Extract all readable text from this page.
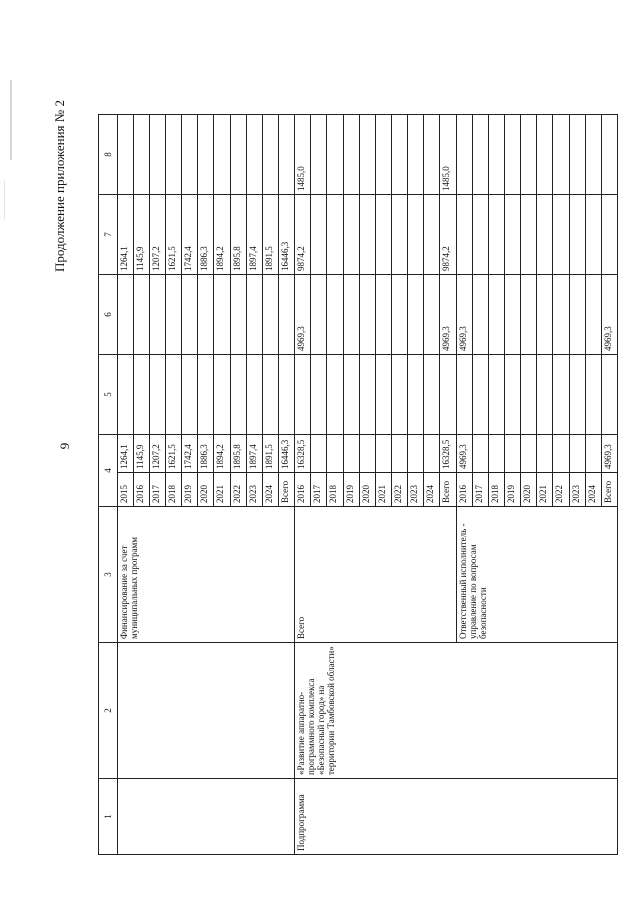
9
Продолжение приложения № 2
1	2	3	4		5	6	7	8
		Финансирование за счет муниципальных программ	2015	1264,1			1264,1	
			2016	1145,9			1145,9	
			2017	1207,2			1207,2	
			2018	1621,5			1621,5	
			2019	1742,4			1742,4	
			2020	1886,3			1886,3	
			2021	1894,2			1894,2	
			2022	1895,8			1895,8	
			2023	1897,4			1897,4	
			2024	1891,5			1891,5	
			Всего	16446,3			16446,3	
Подпрограмма	«Развитие аппаратно-программного комплекса «Безопасный город» на территории Тамбовской области»	Всего	2016	16328,5		4969,3	9874,2	1485,0
			2017					
			2018					
			2019					
			2020					
			2021					
			2022					
			2023					
			2024					
			Всего	16328,5		4969,3	9874,2	1485,0
		Ответственный исполнитель - управление по вопросам безопасности	2016	4969,3		4969,3		
			2017					
			2018					
			2019					
			2020					
			2021					
			2022					
			2023					
			2024					
			Всего	4969,3		4969,3		
